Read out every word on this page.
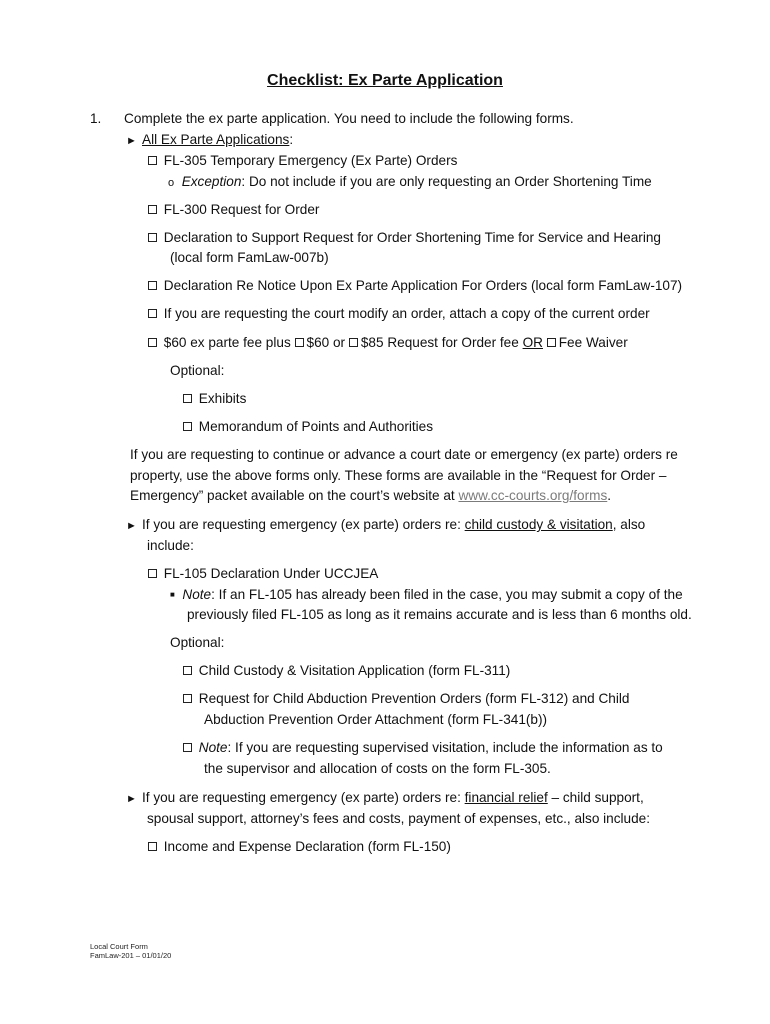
Checklist: Ex Parte Application
1. Complete the ex parte application. You need to include the following forms.
► All Ex Parte Applications:
FL-305 Temporary Emergency (Ex Parte) Orders
o Exception: Do not include if you are only requesting an Order Shortening Time
FL-300 Request for Order
Declaration to Support Request for Order Shortening Time for Service and Hearing
(local form FamLaw-007b)
Declaration Re Notice Upon Ex Parte Application For Orders (local form FamLaw-107)
If you are requesting the court modify an order, attach a copy of the current order
$60 ex parte fee plus $60 or $85 Request for Order fee OR Fee Waiver
Optional:
Exhibits
Memorandum of Points and Authorities
If you are requesting to continue or advance a court date or emergency (ex parte) orders re
property, use the above forms only. These forms are available in the “Request for Order –
Emergency” packet available on the court’s website at www.cc-courts.org/forms.
► If you are requesting emergency (ex parte) orders re: child custody & visitation, also
include:
FL-105 Declaration Under UCCJEA
■ Note: If an FL-105 has already been filed in the case, you may submit a copy of the
previously filed FL-105 as long as it remains accurate and is less than 6 months old.
Optional:
Child Custody & Visitation Application (form FL-311)
Request for Child Abduction Prevention Orders (form FL-312) and Child
Abduction Prevention Order Attachment (form FL-341(b))
Note: If you are requesting supervised visitation, include the information as to
the supervisor and allocation of costs on the form FL-305.
► If you are requesting emergency (ex parte) orders re: financial relief – child support,
spousal support, attorney’s fees and costs, payment of expenses, etc., also include:
Income and Expense Declaration (form FL-150)
Local Court Form
FamLaw-201 – 01/01/20
